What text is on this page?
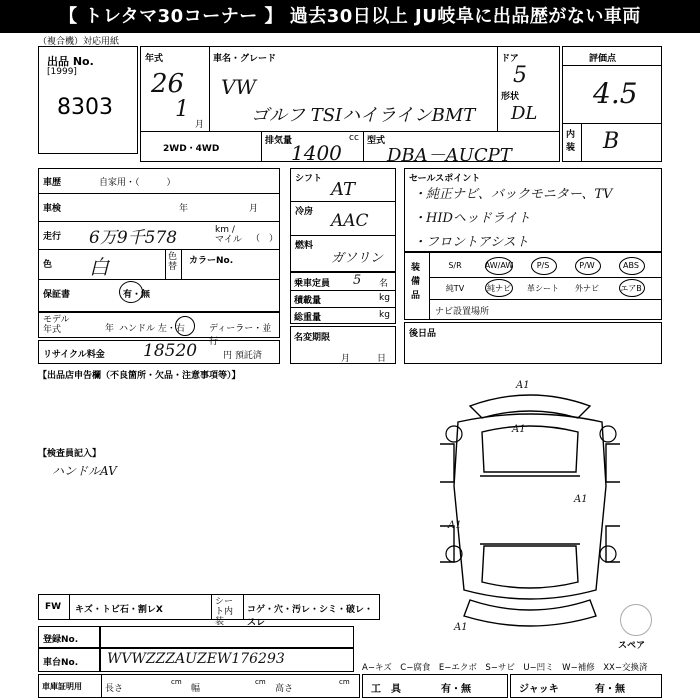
【 トレタマ30コーナー 】 過去30日以上 JU岐阜に出品歴がない車両
（複合機）対応用紙
出品 No.
[1999]
8303
年式
26
1
月
車名・グレード
VW
ゴルフ TSIハイラインBMT
ドア
5
形状
DL
2WD・4WD
排気量
1400
cc 型式
DBA－AUCPT
評価点
4.5
内装 B
車歴	自家用・（　　　）
車検	年	月
走行 6万9千578	km / マイル	（　）
色 白	色替
カラーNo.
保証書	有・無
モデル年式	年 ハンドル 左・右	ディーラー・並行
リサイクル料金 18520	円 預託済
シフト AT
冷房 AAC
燃料
ガソリン
乗車定員 5 名
積載量	kg
総重量	kg
名変期限
月	日
セールスポイント
・純正ナビ、バックモニター、TV
・HIDヘッドライト
・フロントアシスト
装備品
S/R	AW/AW	P/S	P/W	ABS
純TV	純ナビ	革シート	外ナビ	エアB
ナビ設置場所
後日品
【出品店申告欄（不良箇所・欠品・注意事項等）】
【検査員記入】
ハンドルAV
A1
A1
A1
A1
A1
スペア
FW キズ・トビ石・割レX
シート内装
コゲ・穴・汚レ・シミ・破レ・スレ
登録No.
車台No. WVWZZZAUZEW176293
A−キズ　C−腐食　E−エクボ　S−サビ　U−凹ミ　W−補修　XX−交換済
車庫証明用	長さ
cm
幅
cm
高さ
cm
工　具	有・無	ジャッキ	有・無
